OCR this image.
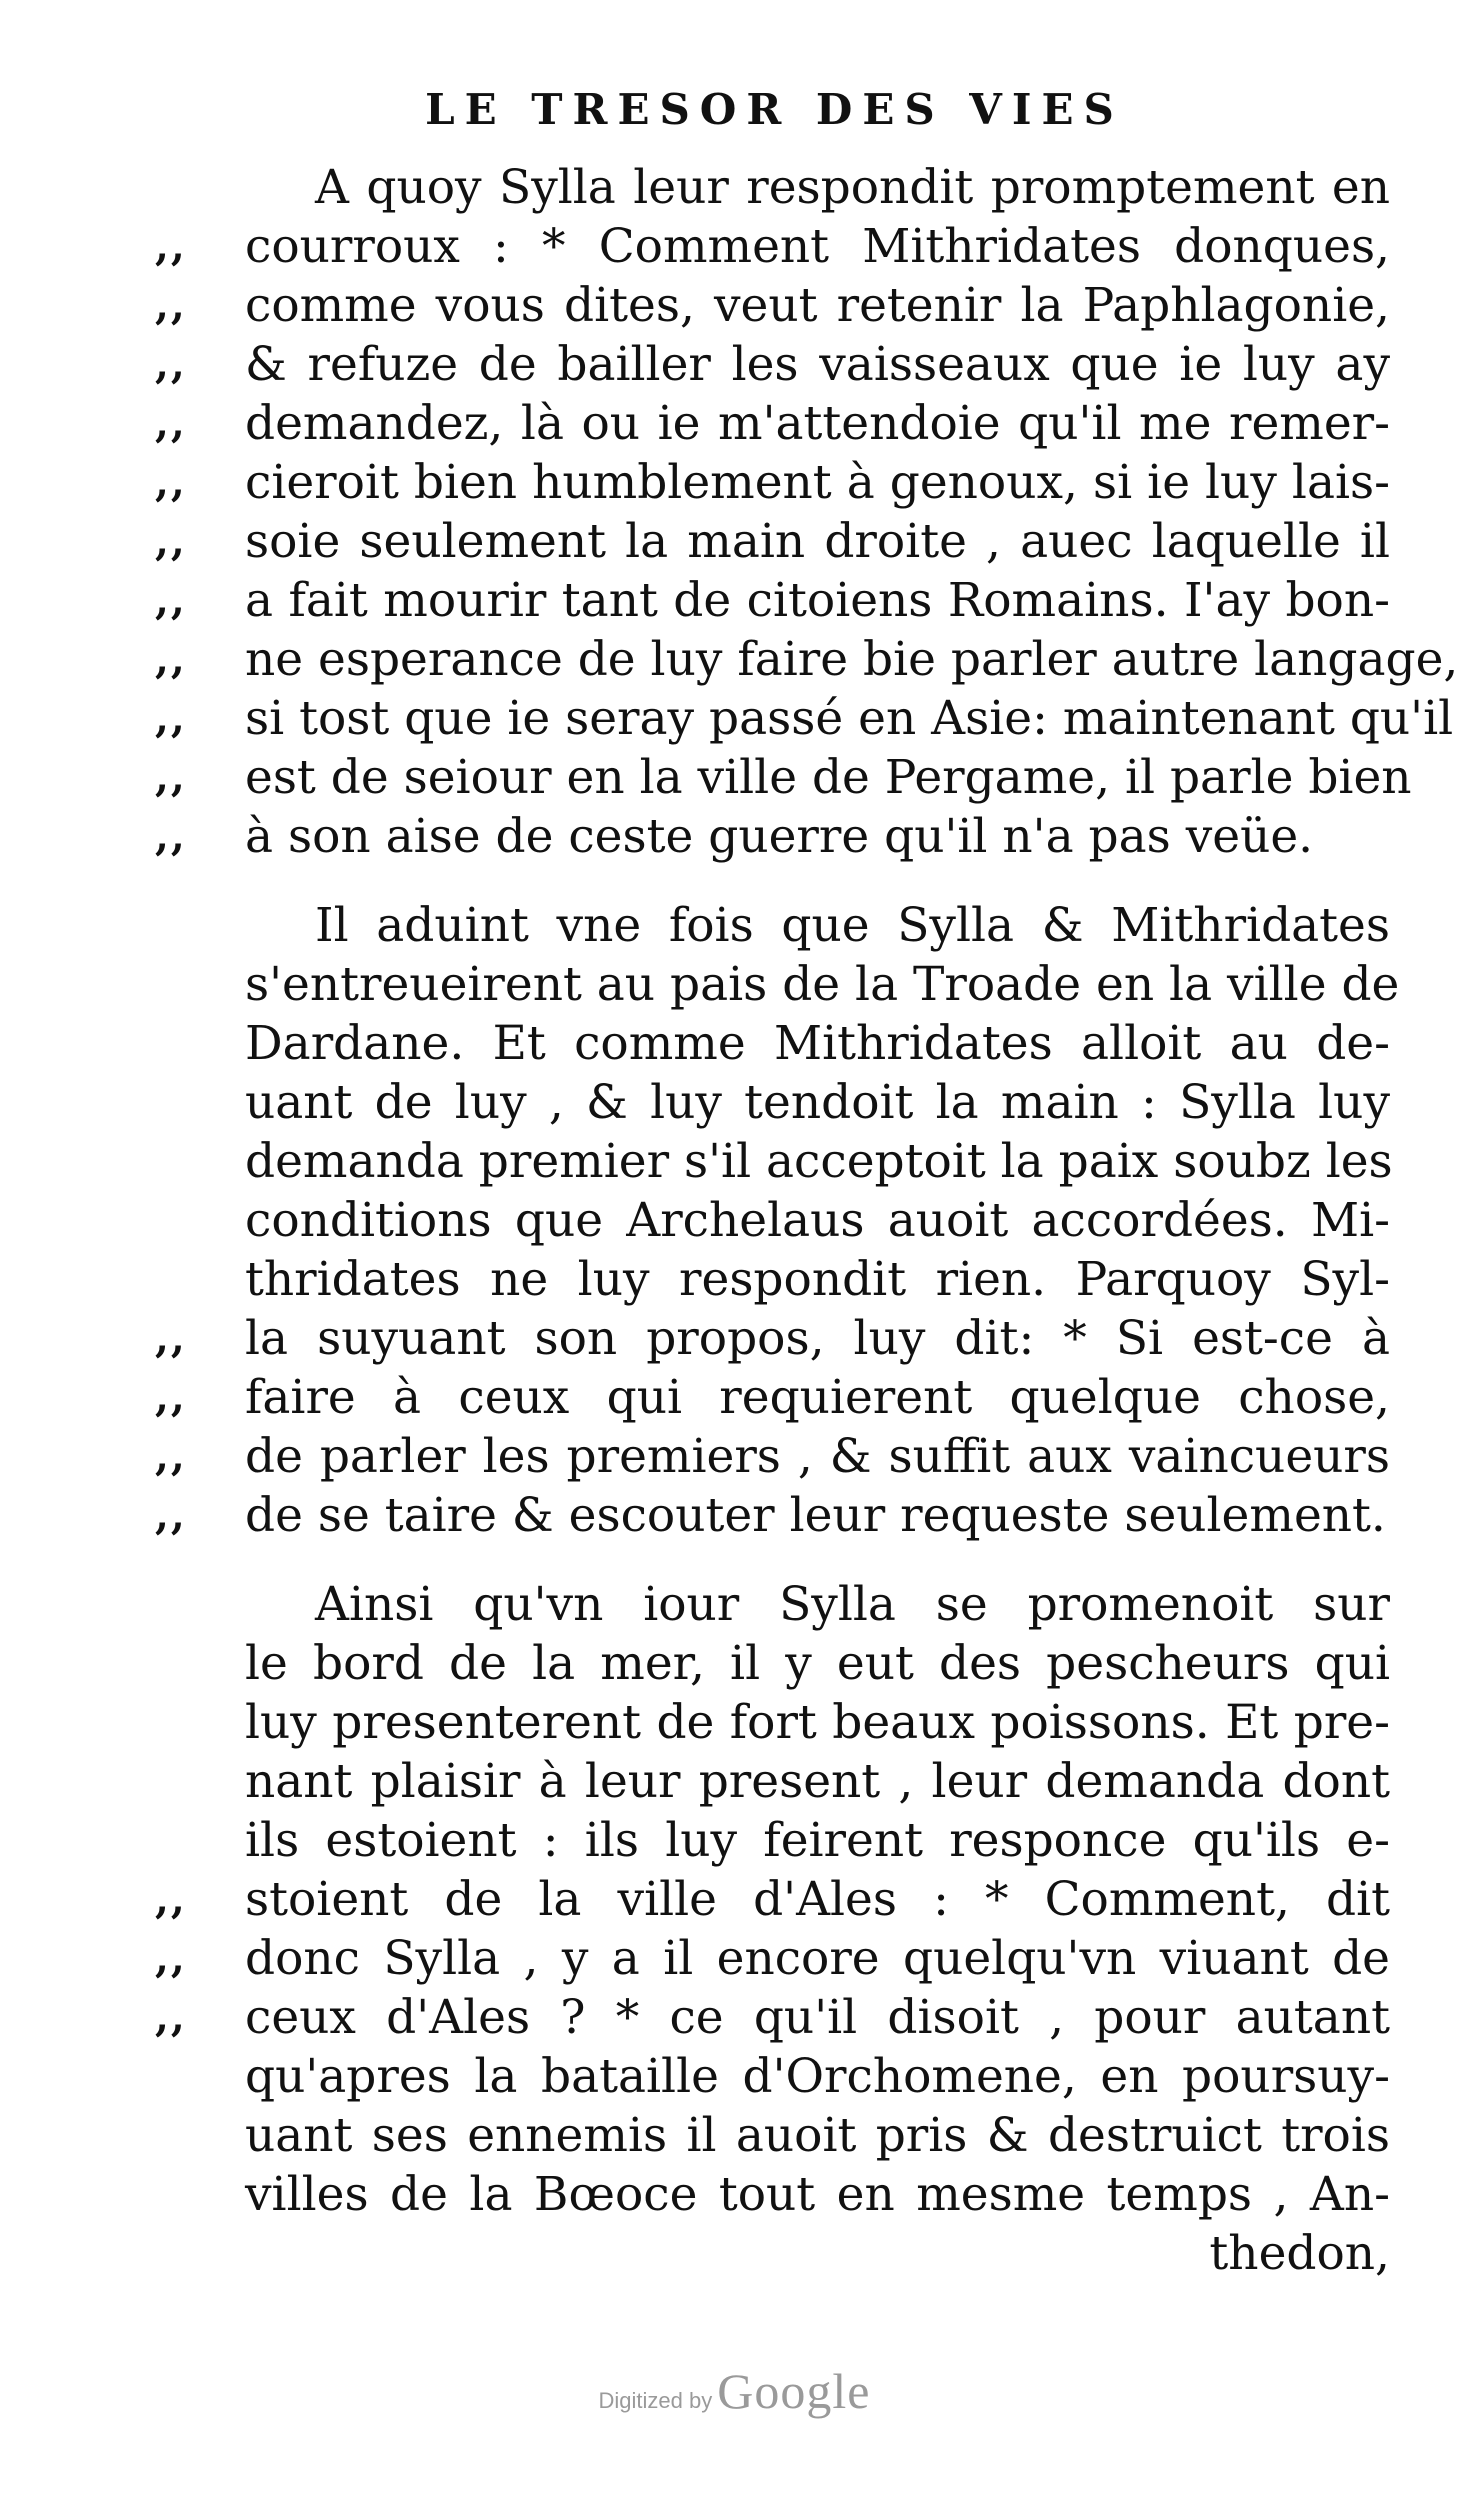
LE TRESOR DES VIES
A quoy Sylla leur respondit promptement en
,,	courroux : * Comment Mithridates donques,
,,	comme vous dites, veut retenir la Paphlagonie,
,,	& refuze de bailler les vaisseaux que ie luy ay
,,	demandez, là ou ie m'attendoie qu'il me remer-
,,	cieroit bien humblement à genoux, si ie luy lais-
,,	soie seulement la main droite , auec laquelle il
,,	a fait mourir tant de citoiens Romains. I'ay bon-
,,	ne esperance de luy faire bie parler autre langage,
,,	si tost que ie seray passé en Asie: maintenant qu'il
,,	est de seiour en la ville de Pergame, il parle bien
,,	à son aise de ceste guerre qu'il n'a pas veüe.
Il aduint vne fois que Sylla & Mithridates
s'entreueirent au pais de la Troade en la ville de
Dardane. Et comme Mithridates alloit au de-
uant de luy , & luy tendoit la main : Sylla luy
demanda premier s'il acceptoit la paix soubz les
conditions que Archelaus auoit accordées. Mi-
thridates ne luy respondit rien. Parquoy Syl-
,,	la suyuant son propos, luy dit: * Si est-ce à
,,	faire à ceux qui requierent quelque chose,
,,	de parler les premiers , & suffit aux vaincueurs
,,	de se taire & escouter leur requeste seulement.
Ainsi qu'vn iour Sylla se promenoit sur
le bord de la mer, il y eut des pescheurs qui
luy presenterent de fort beaux poissons. Et pre-
nant plaisir à leur present , leur demanda dont
ils estoient : ils luy feirent responce qu'ils e-
,,	stoient de la ville d'Ales : * Comment, dit
,,	donc Sylla , y a il encore quelqu'vn viuant de
,,	ceux d'Ales ? * ce qu'il disoit , pour autant
qu'apres la bataille d'Orchomene, en poursuy-
uant ses ennemis il auoit pris & destruict trois
villes de la Bœoce tout en mesme temps , An-
thedon,
Digitized by Google
